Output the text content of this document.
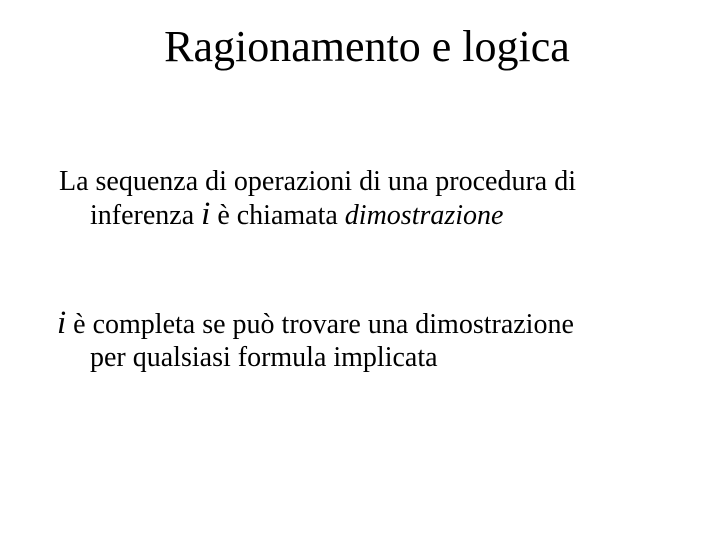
Ragionamento e logica
La sequenza di operazioni di una procedura di
inferenza i è chiamata dimostrazione
i è completa se può trovare una dimostrazione
per qualsiasi formula implicata
